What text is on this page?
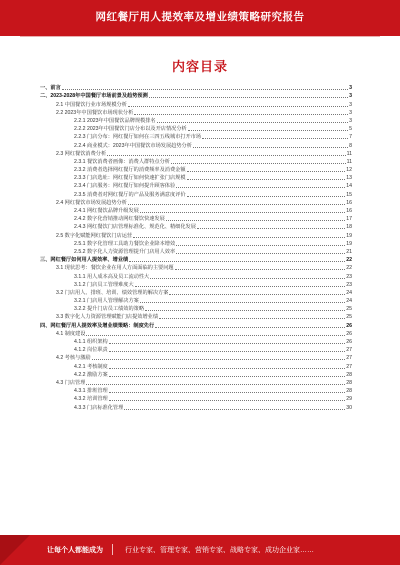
网红餐厅用人提效率及增业绩策略研究报告
内容目录
一、前言	3
二、2023-2028年中国餐厅市场前景及趋势预测	3
2.1 中国餐饮行业市场规模分析	3
2.2 2023年中国餐饮市场现状分析	3
2.2.1 2023年中国餐饮品牌规模排名	3
2.2.2 2023年中国餐饮门店分布以及开店情况分析	5
2.2.3 门店分布：网红餐厅如何在三四五线城市打开市场	7
2.2.4 商业模式：2023年中国餐饮市场发展趋势分析	8
2.3 网红餐饮消费分析	11
2.3.1 餐饮消费者画像：消费人群特点分析	11
2.3.2 消费者选择网红餐厅的消费频率及消费金额	12
2.3.3 门店选址：网红餐厅如何快速扩张门店规模	13
2.3.4 门店服务：网红餐厅如何提升顾客体验	14
2.3.5 消费者对网红餐厅的产品及服务满意度评价	15
2.4 网红餐饮市场发展趋势分析	16
2.4.1 网红餐饮品牌升级发展	16
2.4.2 数字化营销推动网红餐饮快速发展	17
2.4.3 网红餐饮门店管理标准化、规范化、精细化发展	18
2.5 数字化赋能网红餐饮门店运营	19
2.5.1 数字化管理工具助力餐饮企业降本增效	19
2.5.2 数字化人力资源管理提升门店用人效率	21
三、网红餐厅如何用人提效率、增业绩	22
3.1 现状思考：餐饮企业在用人方面面临的主要问题	22
3.1.1 用人成本高及员工流动性大	23
3.1.2 门店员工管理难度大	23
3.2 门店用人、排班、培训、绩效管理的解决方案	24
3.2.1 门店用人管理解决方案	24
3.2.2 提升门店员工绩效的策略	25
3.3 数字化人力资源管理赋能门店提效增业绩	25
四、网红餐厅用人提效率及增业绩策略：制度先行	26
4.1 制度建设	26
4.1.1 组织架构	26
4.1.2 岗位职责	27
4.2 考核与激励	27
4.2.1 考核制度	27
4.2.2 激励方案	28
4.3 门店管理	28
4.3.1 排班管理	28
4.3.2 培训管理	29
4.3.3 门店标准化管理	30
让每个人都能成为	行业专家、管理专家、营销专家、战略专家、成功企业家……
